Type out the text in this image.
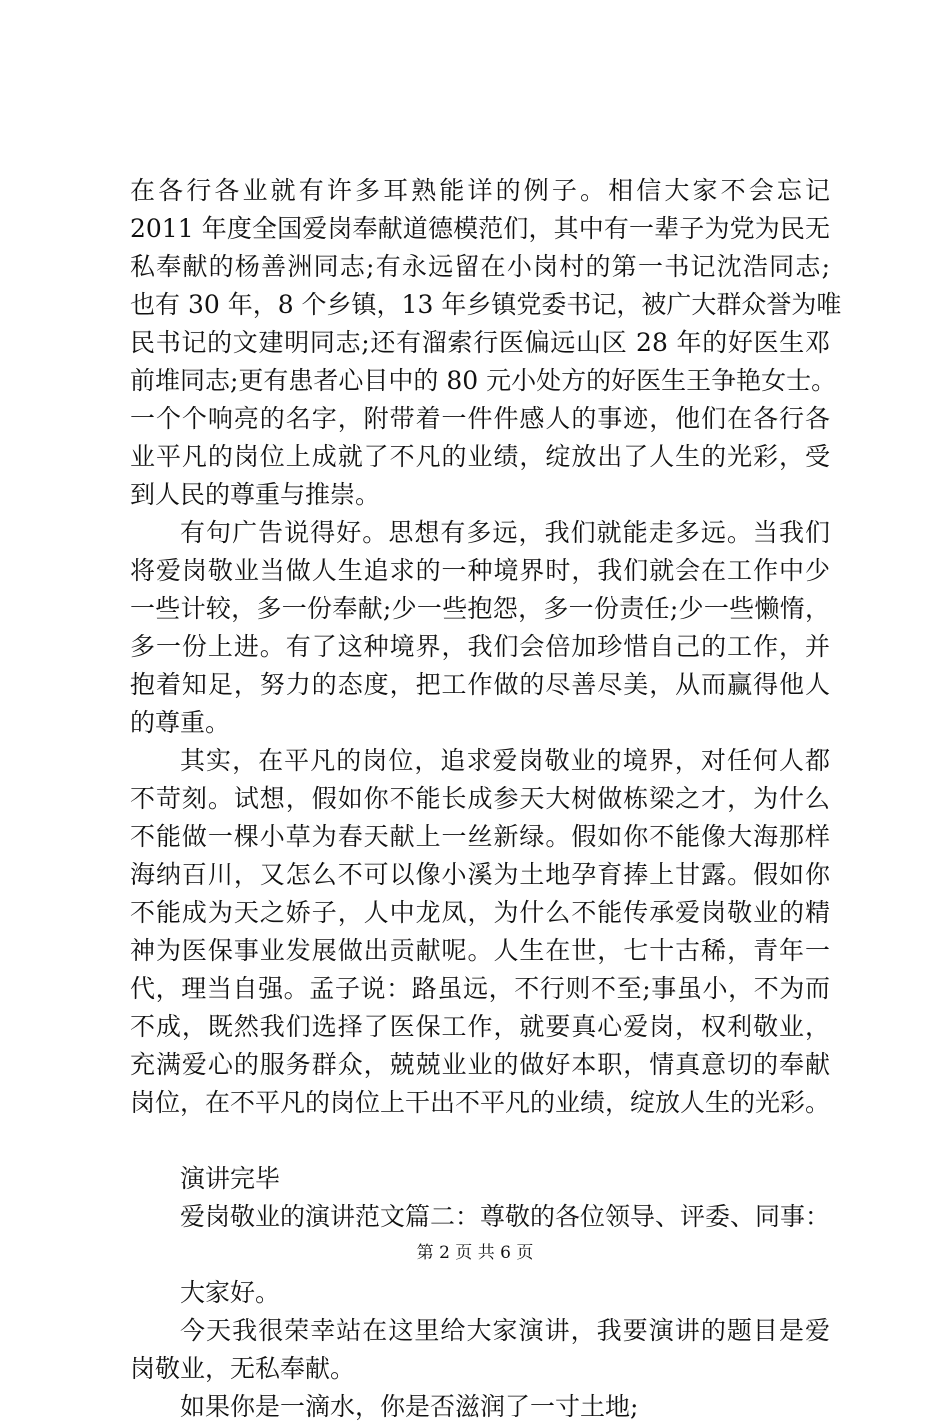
在各行各业就有许多耳熟能详的例子。相信大家不会忘记
2011 年度全国爱岗奉献道德模范们，其中有一辈子为党为民无
私奉献的杨善洲同志;有永远留在小岗村的第一书记沈浩同志;
也有 30 年，8 个乡镇，13 年乡镇党委书记，被广大群众誉为唯
民书记的文建明同志;还有溜索行医偏远山区 28 年的好医生邓
前堆同志;更有患者心目中的 80 元小处方的好医生王争艳女士。
一个个响亮的名字，附带着一件件感人的事迹，他们在各行各
业平凡的岗位上成就了不凡的业绩，绽放出了人生的光彩，受
到人民的尊重与推崇。
有句广告说得好。思想有多远，我们就能走多远。当我们
将爱岗敬业当做人生追求的一种境界时，我们就会在工作中少
一些计较，多一份奉献;少一些抱怨，多一份责任;少一些懒惰，
多一份上进。有了这种境界，我们会倍加珍惜自己的工作，并
抱着知足，努力的态度，把工作做的尽善尽美，从而赢得他人
的尊重。
其实，在平凡的岗位，追求爱岗敬业的境界，对任何人都
不苛刻。试想，假如你不能长成参天大树做栋梁之才，为什么
不能做一棵小草为春天献上一丝新绿。假如你不能像大海那样
海纳百川，又怎么不可以像小溪为土地孕育捧上甘露。假如你
不能成为天之娇子，人中龙凤，为什么不能传承爱岗敬业的精
神为医保事业发展做出贡献呢。人生在世，七十古稀，青年一
代，理当自强。孟子说：路虽远，不行则不至;事虽小，不为而
不成，既然我们选择了医保工作，就要真心爱岗，权利敬业，
充满爱心的服务群众，兢兢业业的做好本职，情真意切的奉献
岗位，在不平凡的岗位上干出不平凡的业绩，绽放人生的光彩。
演讲完毕
爱岗敬业的演讲范文篇二：尊敬的各位领导、评委、同事：
大家好。
今天我很荣幸站在这里给大家演讲，我要演讲的题目是爱
岗敬业，无私奉献。
如果你是一滴水，你是否滋润了一寸土地;
第 2 页 共 6 页
